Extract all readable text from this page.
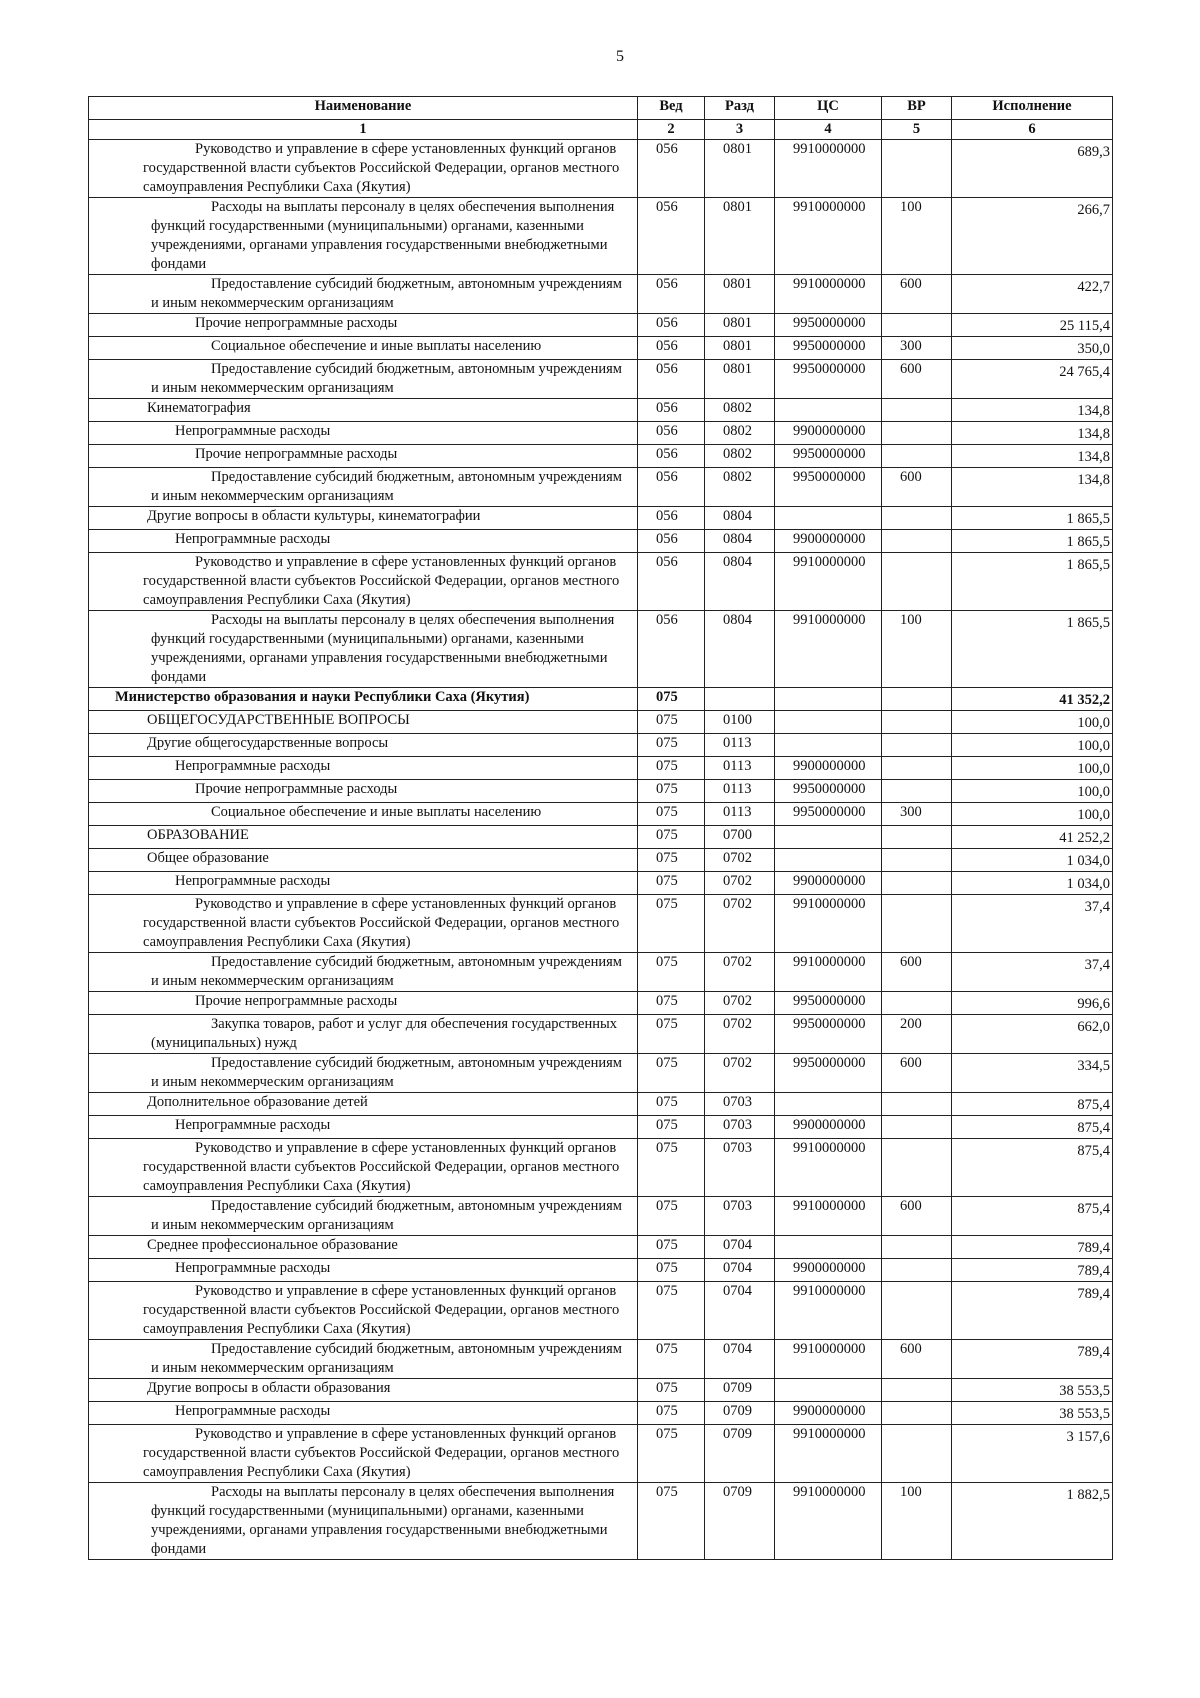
5
Наименование	Вед	Разд	ЦС	ВР	Исполнение
1	2	3	4	5	6
Руководство и управление в сфере установленных функций органов государственной власти субъектов Российской Федерации, органов местного самоуправления Республики Саха (Якутия)	056	0801	9910000000		689,3
Расходы на выплаты персоналу в целях обеспечения выполнения функций государственными (муниципальными) органами, казенными учреждениями, органами управления государственными внебюджетными фондами	056	0801	9910000000	100	266,7
Предоставление субсидий бюджетным, автономным учреждениям и иным некоммерческим организациям	056	0801	9910000000	600	422,7
Прочие непрограммные расходы	056	0801	9950000000		25 115,4
Социальное обеспечение и иные выплаты населению	056	0801	9950000000	300	350,0
Предоставление субсидий бюджетным, автономным учреждениям и иным некоммерческим организациям	056	0801	9950000000	600	24 765,4
Кинематография	056	0802			134,8
Непрограммные расходы	056	0802	9900000000		134,8
Прочие непрограммные расходы	056	0802	9950000000		134,8
Предоставление субсидий бюджетным, автономным учреждениям и иным некоммерческим организациям	056	0802	9950000000	600	134,8
Другие вопросы в области культуры, кинематографии	056	0804			1 865,5
Непрограммные расходы	056	0804	9900000000		1 865,5
Руководство и управление в сфере установленных функций органов государственной власти субъектов Российской Федерации, органов местного самоуправления Республики Саха (Якутия)	056	0804	9910000000		1 865,5
Расходы на выплаты персоналу в целях обеспечения выполнения функций государственными (муниципальными) органами, казенными учреждениями, органами управления государственными внебюджетными фондами	056	0804	9910000000	100	1 865,5
Министерство образования и науки Республики Саха (Якутия)	075				41 352,2
ОБЩЕГОСУДАРСТВЕННЫЕ ВОПРОСЫ	075	0100			100,0
Другие общегосударственные вопросы	075	0113			100,0
Непрограммные расходы	075	0113	9900000000		100,0
Прочие непрограммные расходы	075	0113	9950000000		100,0
Социальное обеспечение и иные выплаты населению	075	0113	9950000000	300	100,0
ОБРАЗОВАНИЕ	075	0700			41 252,2
Общее образование	075	0702			1 034,0
Непрограммные расходы	075	0702	9900000000		1 034,0
Руководство и управление в сфере установленных функций органов государственной власти субъектов Российской Федерации, органов местного самоуправления Республики Саха (Якутия)	075	0702	9910000000		37,4
Предоставление субсидий бюджетным, автономным учреждениям и иным некоммерческим организациям	075	0702	9910000000	600	37,4
Прочие непрограммные расходы	075	0702	9950000000		996,6
Закупка товаров, работ и услуг для обеспечения государственных (муниципальных) нужд	075	0702	9950000000	200	662,0
Предоставление субсидий бюджетным, автономным учреждениям и иным некоммерческим организациям	075	0702	9950000000	600	334,5
Дополнительное образование детей	075	0703			875,4
Непрограммные расходы	075	0703	9900000000		875,4
Руководство и управление в сфере установленных функций органов государственной власти субъектов Российской Федерации, органов местного самоуправления Республики Саха (Якутия)	075	0703	9910000000		875,4
Предоставление субсидий бюджетным, автономным учреждениям и иным некоммерческим организациям	075	0703	9910000000	600	875,4
Среднее профессиональное образование	075	0704			789,4
Непрограммные расходы	075	0704	9900000000		789,4
Руководство и управление в сфере установленных функций органов государственной власти субъектов Российской Федерации, органов местного самоуправления Республики Саха (Якутия)	075	0704	9910000000		789,4
Предоставление субсидий бюджетным, автономным учреждениям и иным некоммерческим организациям	075	0704	9910000000	600	789,4
Другие вопросы в области образования	075	0709			38 553,5
Непрограммные расходы	075	0709	9900000000		38 553,5
Руководство и управление в сфере установленных функций органов государственной власти субъектов Российской Федерации, органов местного самоуправления Республики Саха (Якутия)	075	0709	9910000000		3 157,6
Расходы на выплаты персоналу в целях обеспечения выполнения функций государственными (муниципальными) органами, казенными учреждениями, органами управления государственными внебюджетными фондами	075	0709	9910000000	100	1 882,5
